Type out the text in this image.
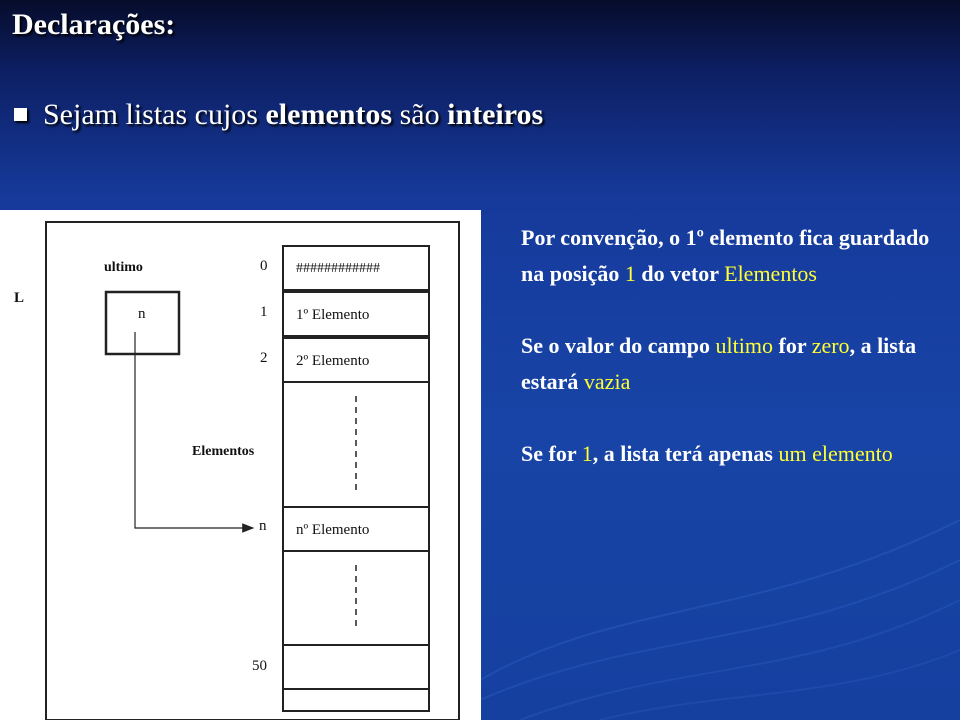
Declarações:
Sejam listas cujos elementos são inteiros
L
ultimo
n
Elementos
0 ############
1 1º Elemento
2 2º Elemento
n nº Elemento
50

Por convenção, o 1º elemento fica guardado na posição 1 do vetor Elementos

Se o valor do campo ultimo for zero, a lista estará vazia

Se for 1, a lista terá apenas um elemento
